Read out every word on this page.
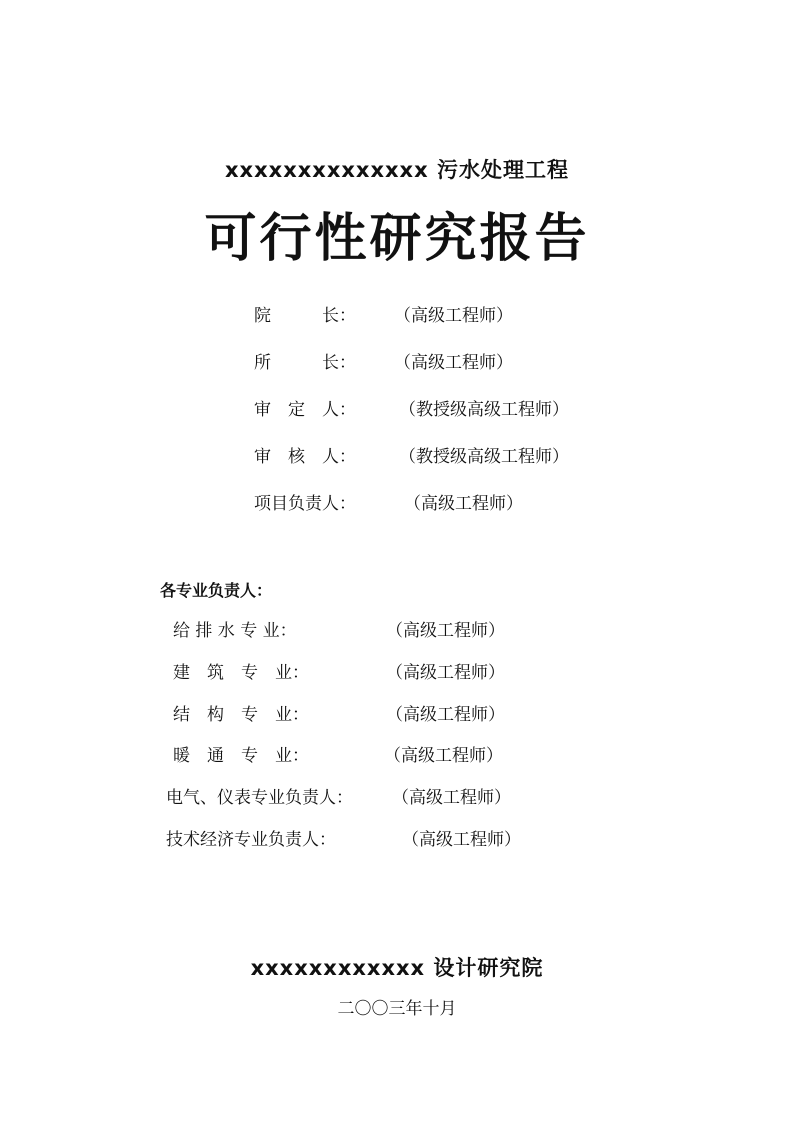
xxxxxxxxxxxxxx 污水处理工程
可行性研究报告
院　　　长： （高级工程师）
所　　　长： （高级工程师）
审　定　人：	（教授级高级工程师）
审　核　人：	（教授级高级工程师）
项目负责人：	（高级工程师）
各专业负责人：
给 排 水 专 业：	（高级工程师）
建　筑　专　业：	（高级工程师）
结　构　专　业：	（高级工程师）
暖　通　专　业：	（高级工程师）
电气、仪表专业负责人： （高级工程师）
技术经济专业负责人：	（高级工程师）
xxxxxxxxxxxx 设计研究院
二〇〇三年十月
